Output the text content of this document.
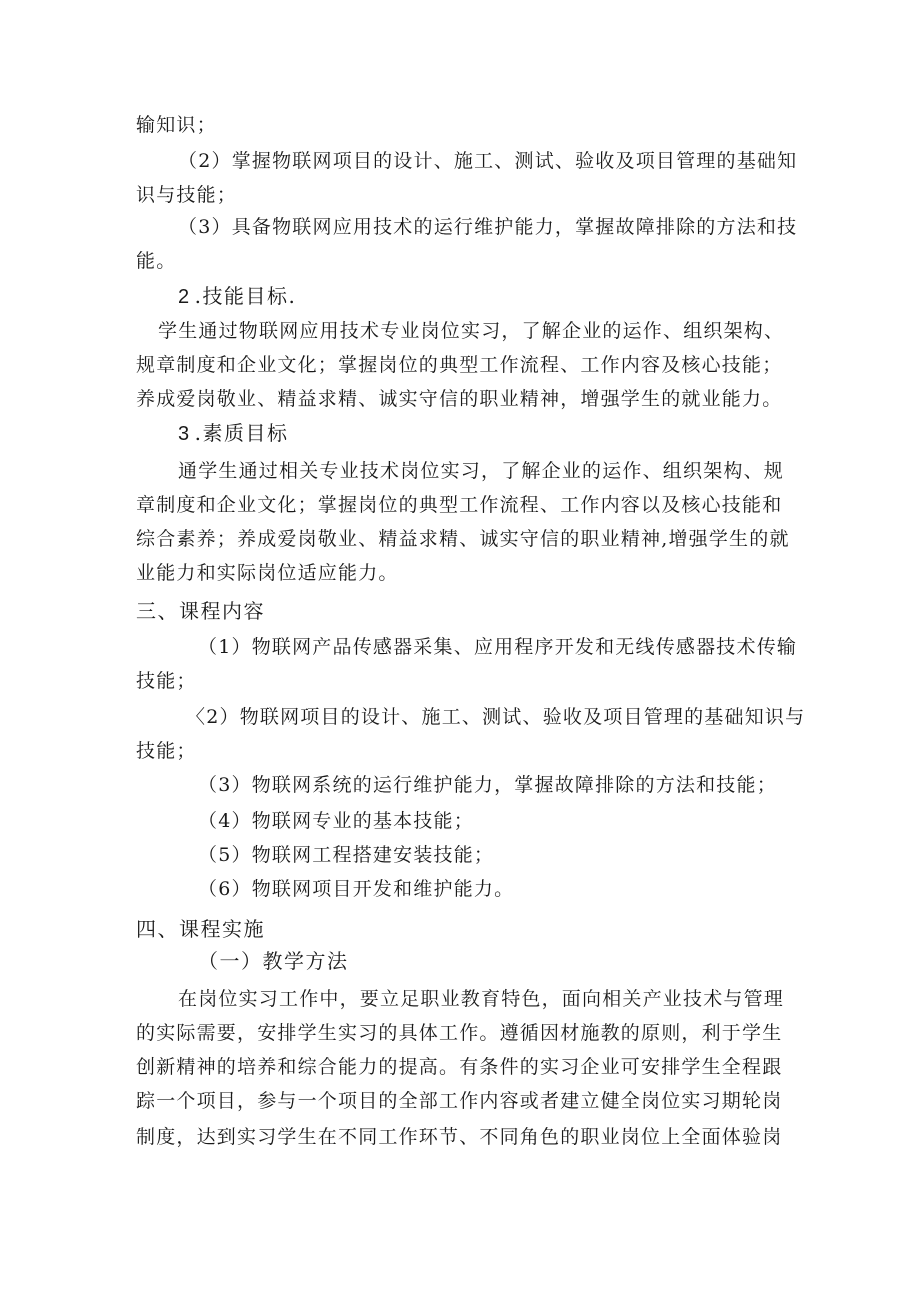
输知识；
（2）掌握物联网项目的设计、施工、测试、验收及项目管理的基础知
识与技能；
（3）具备物联网应用技术的运行维护能力，掌握故障排除的方法和技
能。
2 .技能目标.
学生通过物联网应用技术专业岗位实习，了解企业的运作、组织架构、
规章制度和企业文化；掌握岗位的典型工作流程、工作内容及核心技能；
养成爱岗敬业、精益求精、诚实守信的职业精神，增强学生的就业能力。
3 .素质目标
通学生通过相关专业技术岗位实习，了解企业的运作、组织架构、规
章制度和企业文化；掌握岗位的典型工作流程、工作内容以及核心技能和
综合素养；养成爱岗敬业、精益求精、诚实守信的职业精神,增强学生的就
业能力和实际岗位适应能力。
三、课程内容
（1）物联网产品传感器采集、应用程序开发和无线传感器技术传输
技能；
〈2）物联网项目的设计、施工、测试、验收及项目管理的基础知识与
技能；
（3）物联网系统的运行维护能力，掌握故障排除的方法和技能；
（4）物联网专业的基本技能；
（5）物联网工程搭建安装技能；
（6）物联网项目开发和维护能力。
四、课程实施
（一）教学方法
在岗位实习工作中，要立足职业教育特色，面向相关产业技术与管理
的实际需要，安排学生实习的具体工作。遵循因材施教的原则，利于学生
创新精神的培养和综合能力的提高。有条件的实习企业可安排学生全程跟
踪一个项目，参与一个项目的全部工作内容或者建立健全岗位实习期轮岗
制度，达到实习学生在不同工作环节、不同角色的职业岗位上全面体验岗
